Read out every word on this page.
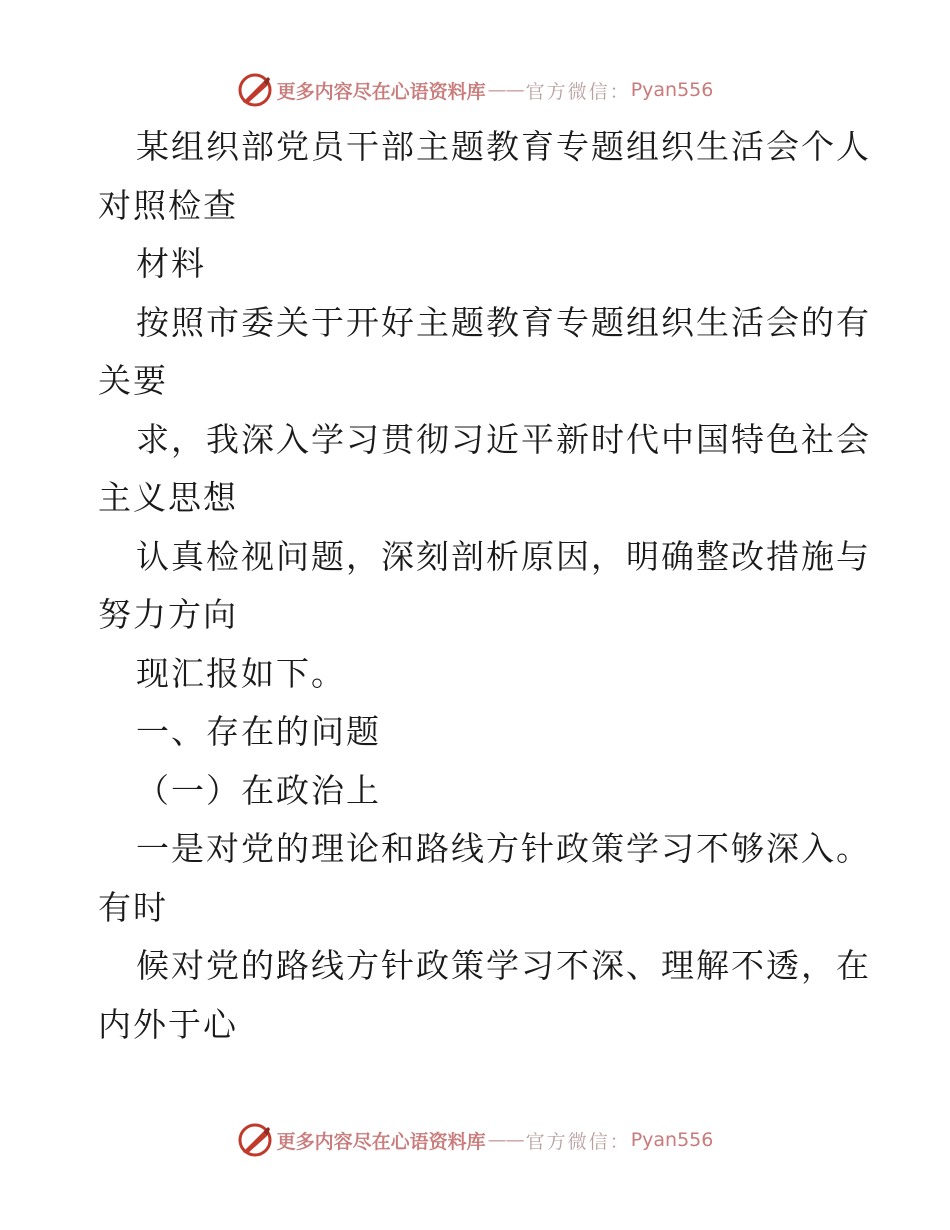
更多内容尽在心语资料库 —— 官方微信： Pyan556
某组织部党员干部主题教育专题组织生活会个人
对照检查
材料
按照市委关于开好主题教育专题组织生活会的有
关要
求，我深入学习贯彻习近平新时代中国特色社会
主义思想
认真检视问题，深刻剖析原因，明确整改措施与
努力方向
现汇报如下。
一、存在的问题
（一）在政治上
一是对党的理论和路线方针政策学习不够深入。
有时
候对党的路线方针政策学习不深、理解不透，在
内外于心
更多内容尽在心语资料库 —— 官方微信： Pyan556
